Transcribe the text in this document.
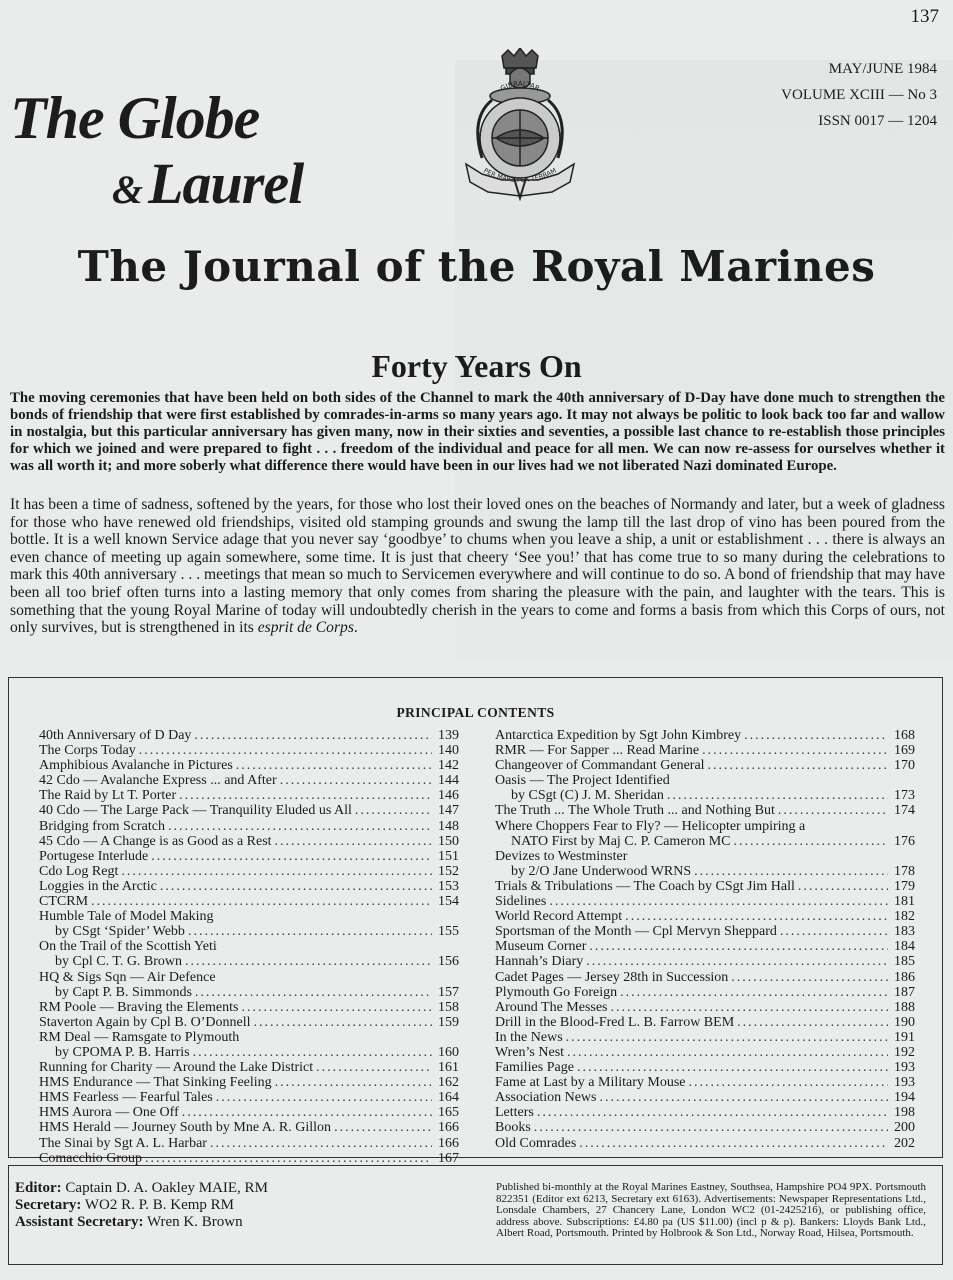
137
MAY/JUNE 1984
VOLUME XCIII — No 3
ISSN 0017 — 1204
The Globe
& Laurel
GIBRALTAR
PER MARE PER TERRAM
The Journal of the Royal Marines
Forty Years On

The moving ceremonies that have been held on both sides of the Channel to mark the 40th anniversary of D-Day have done much to strengthen the bonds of friendship that were first established by comrades-in-arms so many years ago. It may not always be politic to look back too far and wallow in nostalgia, but this particular anniversary has given many, now in their sixties and seventies, a possible last chance to re-establish those principles for which we joined and were prepared to fight . . . freedom of the individual and peace for all men. We can now re-assess for ourselves whether it was all worth it; and more soberly what difference there would have been in our lives had we not liberated Nazi dominated Europe.

It has been a time of sadness, softened by the years, for those who lost their loved ones on the beaches of Normandy and later, but a week of gladness for those who have renewed old friendships, visited old stamping grounds and swung the lamp till the last drop of vino has been poured from the bottle. It is a well known Service adage that you never say ‘goodbye’ to chums when you leave a ship, a unit or establishment . . . there is always an even chance of meeting up again somewhere, some time. It is just that cheery ‘See you!’ that has come true to so many during the celebrations to mark this 40th anniversary . . . meetings that mean so much to Servicemen everywhere and will continue to do so. A bond of friendship that may have been all too brief often turns into a lasting memory that only comes from sharing the pleasure with the pain, and laughter with the tears. This is something that the young Royal Marine of today will undoubtedly cherish in the years to come and forms a basis from which this Corps of ours, not only survives, but is strengthened in its esprit de Corps.

PRINCIPAL CONTENTS
40th Anniversary of D Day .....	139
The Corps Today .....	140
Amphibious Avalanche in Pictures .....	142
42 Cdo — Avalanche Express ... and After .....	144
The Raid by Lt T. Porter .....	146
40 Cdo — The Large Pack — Tranquility Eluded us All .....	147
Bridging from Scratch .....	148
45 Cdo — A Change is as Good as a Rest .....	150
Portugese Interlude .....	151
Cdo Log Regt .....	152
Loggies in the Arctic .....	153
CTCRM .....	154
Humble Tale of Model Making
by CSgt ‘Spider’ Webb .....	155
On the Trail of the Scottish Yeti
by Cpl C. T. G. Brown .....	156
HQ & Sigs Sqn — Air Defence
by Capt P. B. Simmonds .....	157
RM Poole — Braving the Elements .....	158
Staverton Again by Cpl B. O’Donnell .....	159
RM Deal — Ramsgate to Plymouth
by CPOMA P. B. Harris .....	160
Running for Charity — Around the Lake District .....	161
HMS Endurance — That Sinking Feeling .....	162
HMS Fearless — Fearful Tales .....	164
HMS Aurora — One Off .....	165
HMS Herald — Journey South by Mne A. R. Gillon .....	166
The Sinai by Sgt A. L. Harbar .....	166
Comacchio Group .....	167
Antarctica Expedition by Sgt John Kimbrey .....	168
RMR — For Sapper ... Read Marine .....	169
Changeover of Commandant General .....	170
Oasis — The Project Identified
by CSgt (C) J. M. Sheridan .....	173
The Truth ... The Whole Truth ... and Nothing But .....	174
Where Choppers Fear to Fly? — Helicopter umpiring a
NATO First by Maj C. P. Cameron MC .....	176
Devizes to Westminster
by 2/O Jane Underwood WRNS .....	178
Trials & Tribulations — The Coach by CSgt Jim Hall .....	179
Sidelines .....	181
World Record Attempt .....	182
Sportsman of the Month — Cpl Mervyn Sheppard .....	183
Museum Corner .....	184
Hannah’s Diary .....	185
Cadet Pages — Jersey 28th in Succession .....	186
Plymouth Go Foreign .....	187
Around The Messes .....	188
Drill in the Blood-Fred L. B. Farrow BEM .....	190
In the News .....	191
Wren’s Nest .....	192
Families Page .....	193
Fame at Last by a Military Mouse .....	193
Association News .....	194
Letters .....	198
Books .....	200
Old Comrades .....	202
Editor: Captain D. A. Oakley MAIE, RM
Secretary: WO2 R. P. B. Kemp RM
Assistant Secretary: Wren K. Brown
Published bi-monthly at the Royal Marines Eastney, Southsea, Hampshire PO4 9PX. Portsmouth 822351 (Editor ext 6213, Secretary ext 6163). Advertisements: Newspaper Representations Ltd., Lonsdale Chambers, 27 Chancery Lane, London WC2 (01-2425216), or publishing office, address above. Subscriptions: £4.80 pa (US $11.00) (incl p & p). Bankers: Lloyds Bank Ltd., Albert Road, Portsmouth. Printed by Holbrook & Son Ltd., Norway Road, Hilsea, Portsmouth.
